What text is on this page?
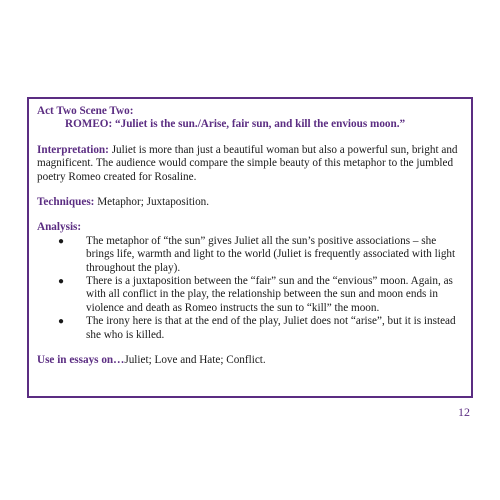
Act Two Scene Two:

ROMEO: “Juliet is the sun./Arise, fair sun, and kill the envious moon.”

Interpretation: Juliet is more than just a beautiful woman but also a powerful sun, bright and magnificent. The audience would compare the simple beauty of this metaphor to the jumbled poetry Romeo created for Rosaline.

Techniques: Metaphor; Juxtaposition.

Analysis:

● The metaphor of “the sun” gives Juliet all the sun’s positive associations – she brings life, warmth and light to the world (Juliet is frequently associated with light throughout the play).
● There is a juxtaposition between the “fair” sun and the “envious” moon. Again, as with all conflict in the play, the relationship between the sun and moon ends in violence and death as Romeo instructs the sun to “kill” the moon.
● The irony here is that at the end of the play, Juliet does not “arise”, but it is instead she who is killed.

Use in essays on…Juliet; Love and Hate; Conflict.

12
